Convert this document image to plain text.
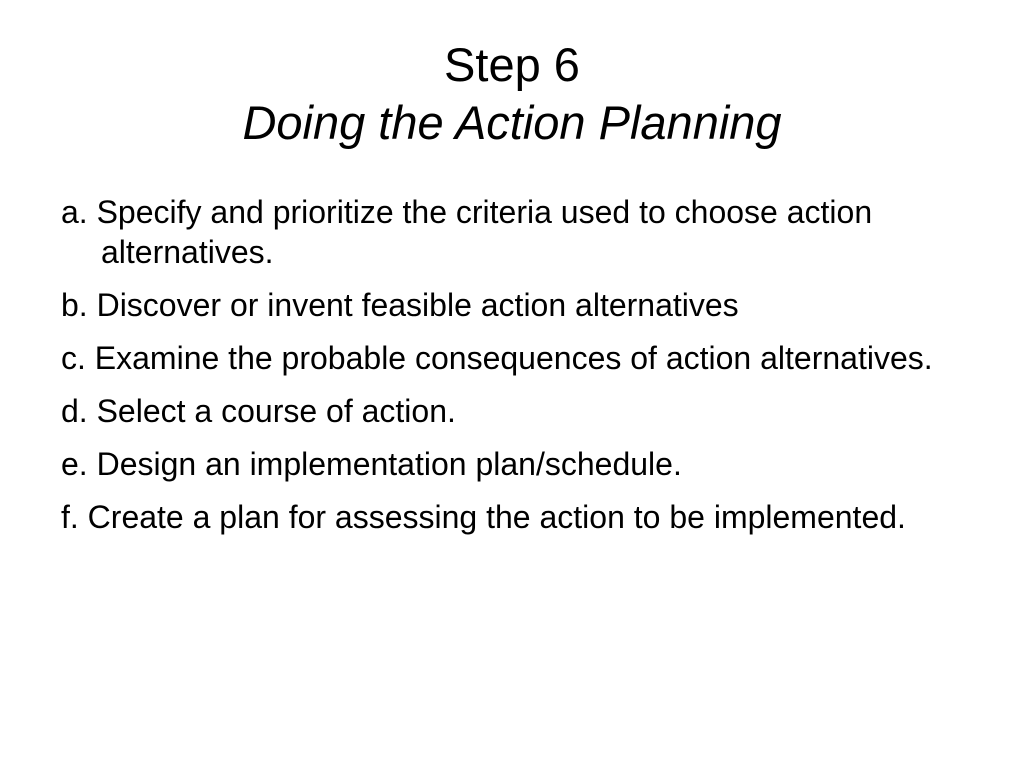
Step 6
Doing the Action Planning
a. Specify and prioritize the criteria used to choose action alternatives.
b. Discover or invent feasible action alternatives
c. Examine the probable consequences of action alternatives.
d. Select a course of action.
e. Design an implementation plan/schedule.
f. Create a plan for assessing the action to be implemented.
